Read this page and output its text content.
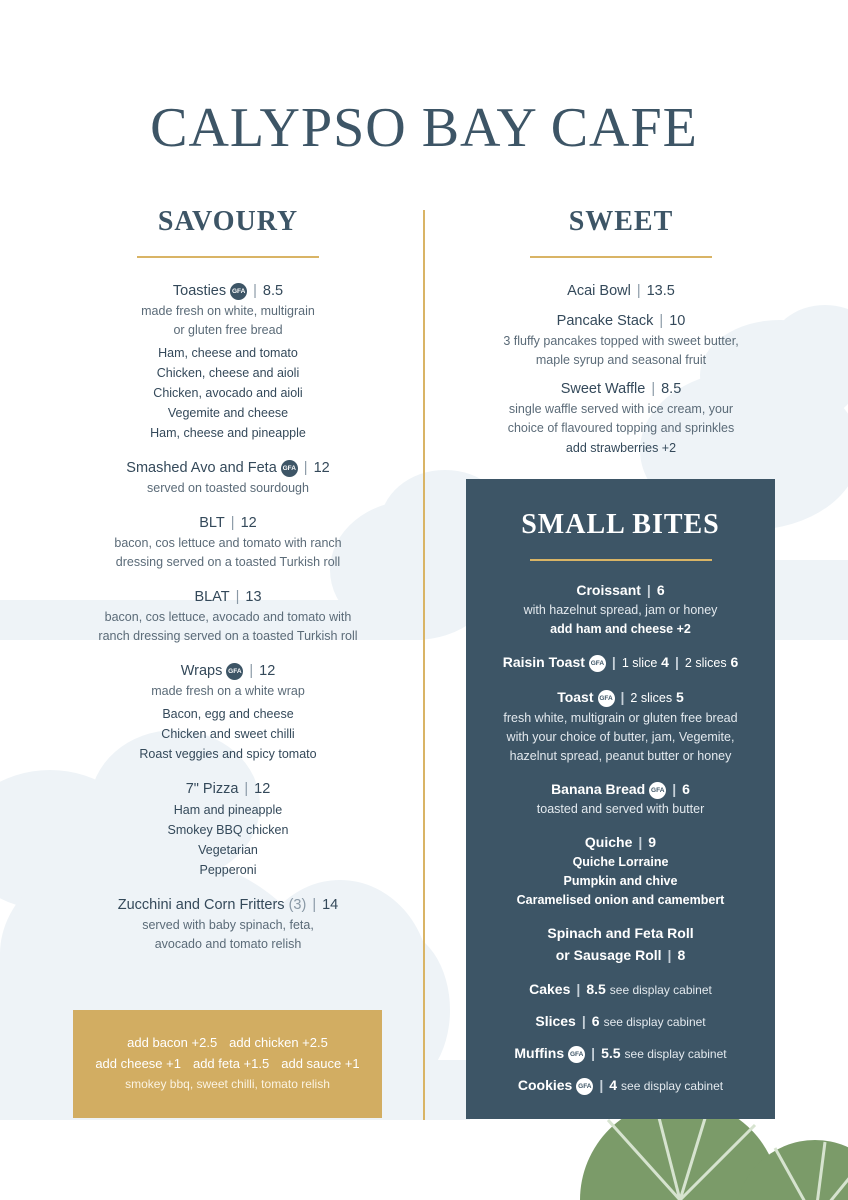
CALYPSO BAY CAFE
SAVOURY
Toasties GFA | 8.5
made fresh on white, multigrain
or gluten free bread
Ham, cheese and tomato
Chicken, cheese and aioli
Chicken, avocado and aioli
Vegemite and cheese
Ham, cheese and pineapple
Smashed Avo and Feta GFA | 12
served on toasted sourdough
BLT | 12
bacon, cos lettuce and tomato with ranch
dressing served on a toasted Turkish roll
BLAT | 13
bacon, cos lettuce, avocado and tomato with
ranch dressing served on a toasted Turkish roll
Wraps GFA | 12
made fresh on a white wrap
Bacon, egg and cheese
Chicken and sweet chilli
Roast veggies and spicy tomato
7" Pizza | 12
Ham and pineapple
Smokey BBQ chicken
Vegetarian
Pepperoni
Zucchini and Corn Fritters (3) | 14
served with baby spinach, feta,
avocado and tomato relish
add bacon +2.5 add chicken +2.5
add cheese +1 add feta +1.5 add sauce +1
smokey bbq, sweet chilli, tomato relish
SWEET
Acai Bowl | 13.5
Pancake Stack | 10
3 fluffy pancakes topped with sweet butter,
maple syrup and seasonal fruit
Sweet Waffle | 8.5
single waffle served with ice cream, your
choice of flavoured topping and sprinkles
add strawberries +2
SMALL BITES
Croissant | 6
with hazelnut spread, jam or honey
add ham and cheese +2
Raisin Toast GFA | 1 slice 4 | 2 slices 6
Toast GFA | 2 slices 5
fresh white, multigrain or gluten free bread
with your choice of butter, jam, Vegemite,
hazelnut spread, peanut butter or honey
Banana Bread GFA | 6
toasted and served with butter
Quiche | 9
Quiche Lorraine
Pumpkin and chive
Caramelised onion and camembert
Spinach and Feta Roll
or Sausage Roll | 8
Cakes | 8.5 see display cabinet
Slices | 6 see display cabinet
Muffins GFA | 5.5 see display cabinet
Cookies GFA | 4 see display cabinet
